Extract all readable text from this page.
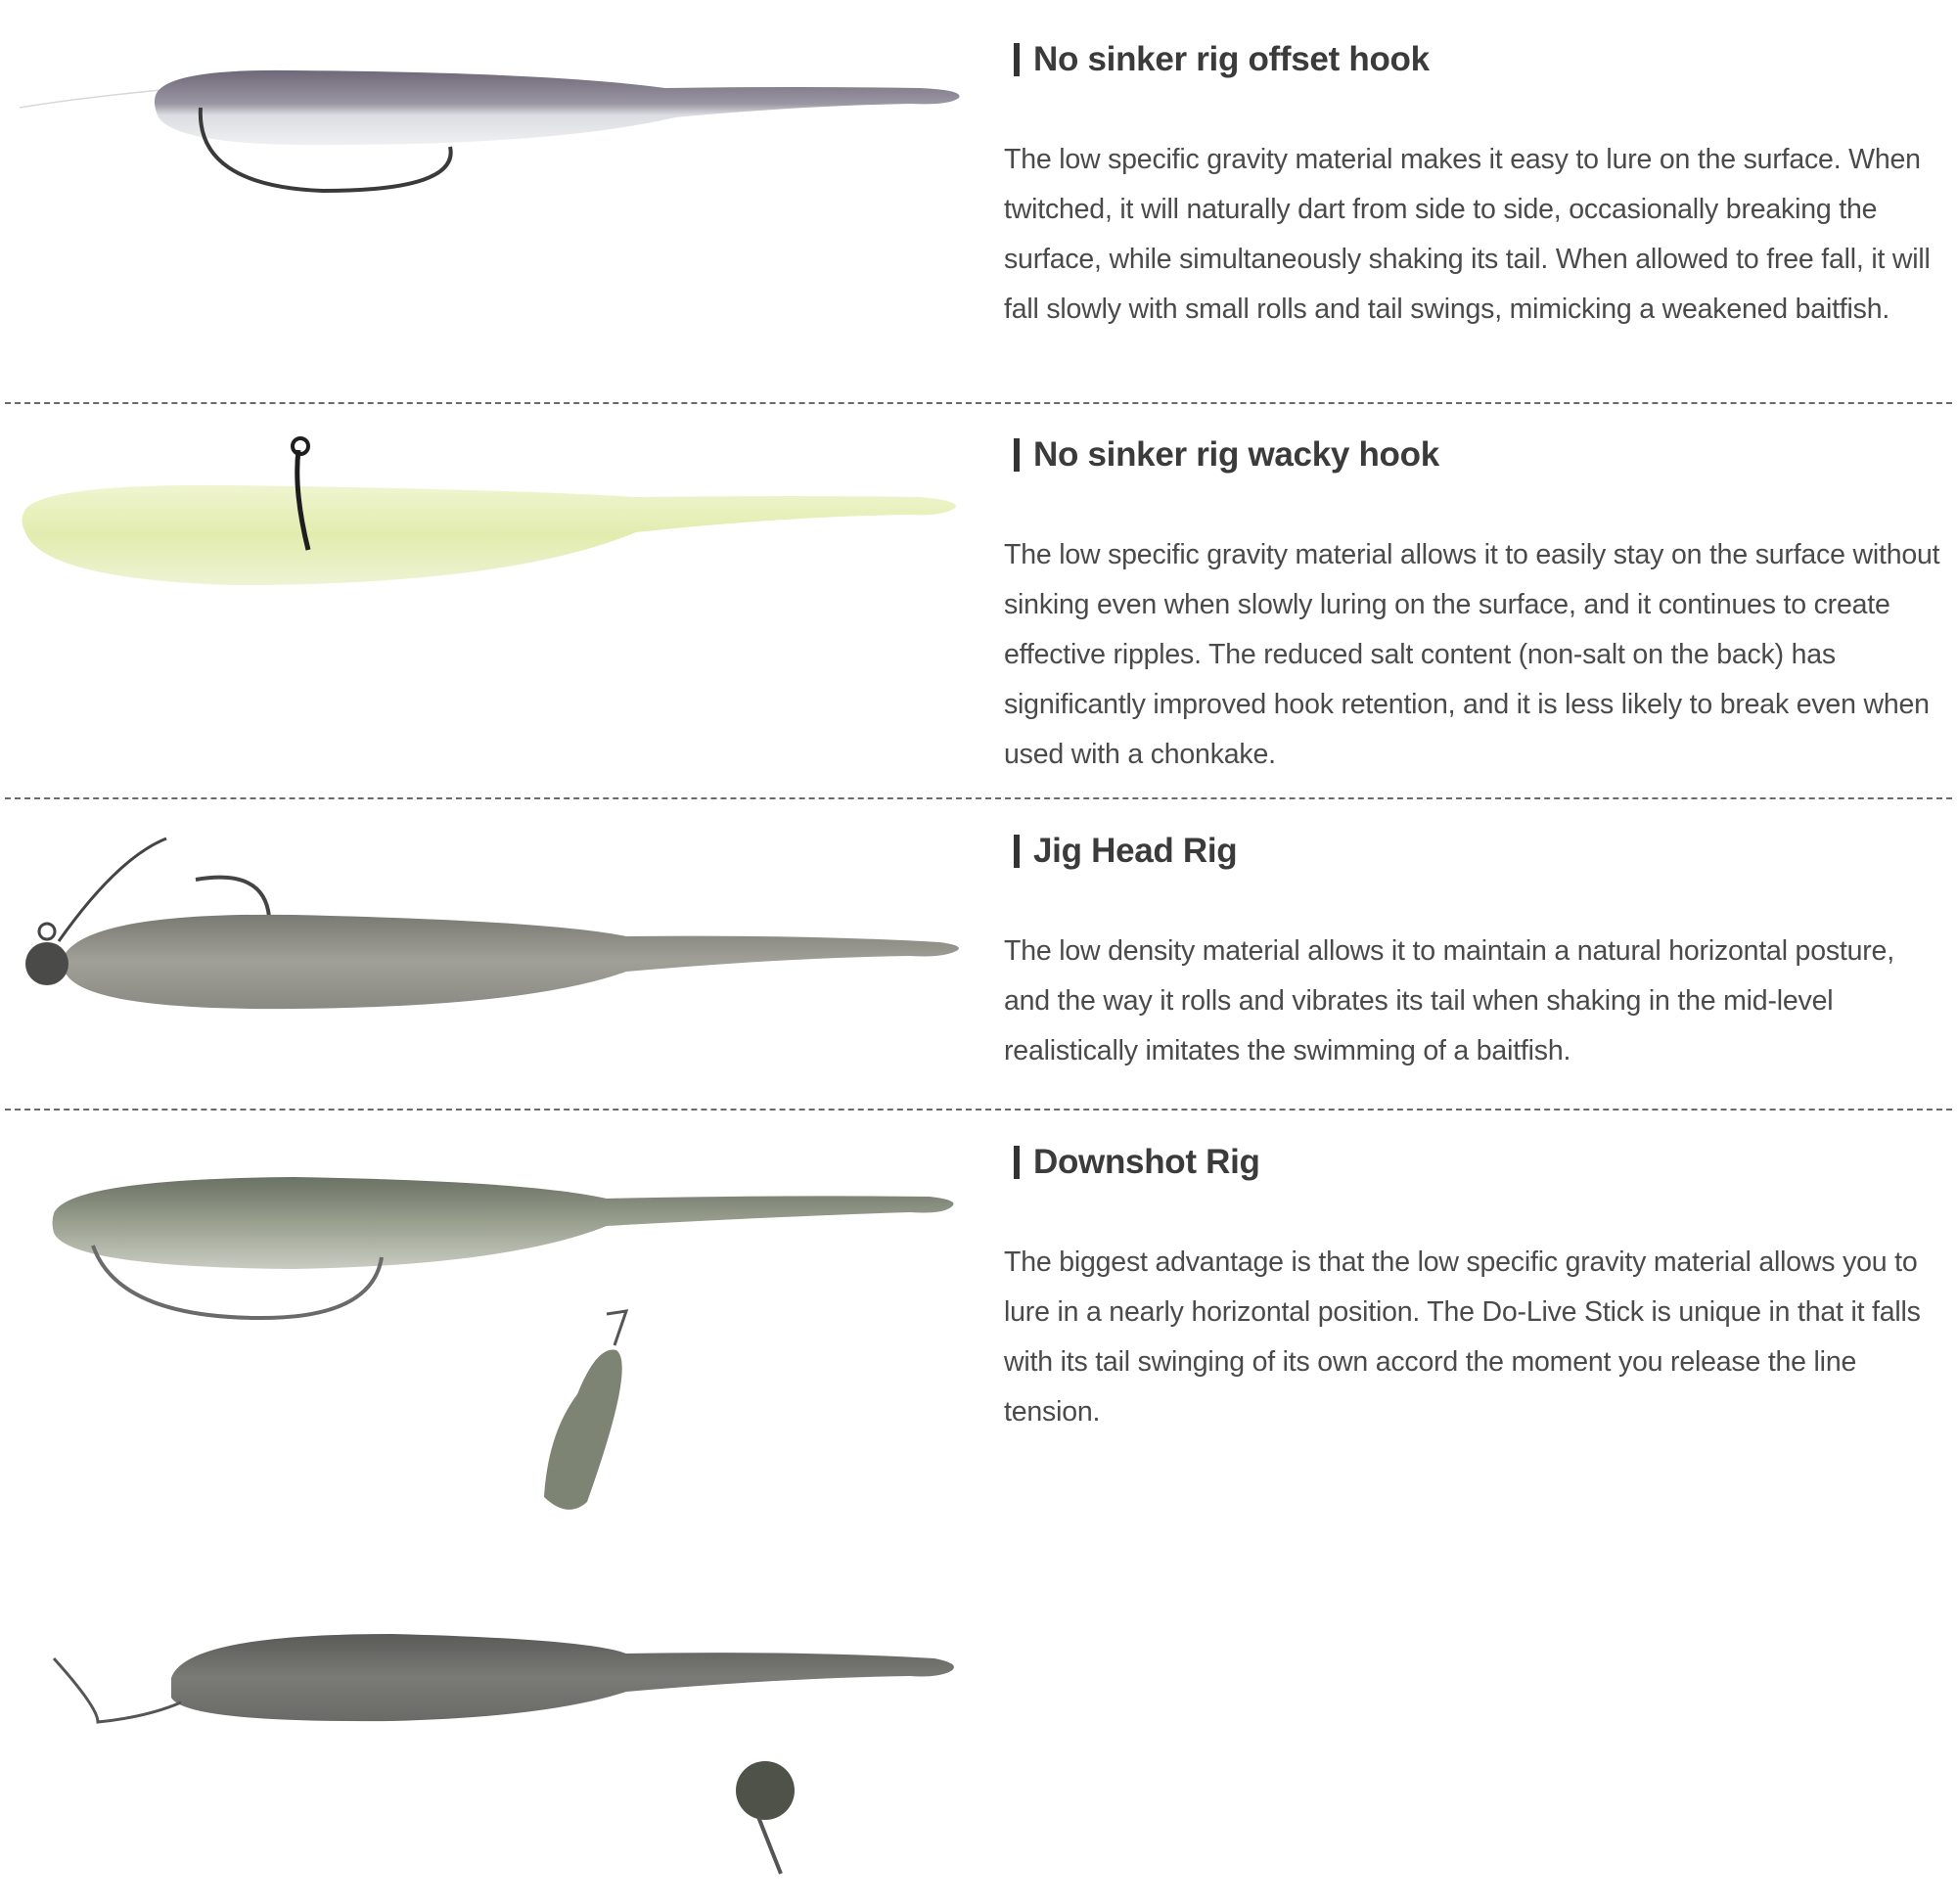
No sinker rig offset hook

The low specific gravity material makes it easy to lure on the surface. When twitched, it will naturally dart from side to side, occasionally breaking the surface, while simultaneously shaking its tail. When allowed to free fall, it will fall slowly with small rolls and tail swings, mimicking a weakened baitfish.

No sinker rig wacky hook

The low specific gravity material allows it to easily stay on the surface without sinking even when slowly luring on the surface, and it continues to create effective ripples. The reduced salt content (non-salt on the back) has significantly improved hook retention, and it is less likely to break even when used with a chonkake.

Jig Head Rig

The low density material allows it to maintain a natural horizontal posture, and the way it rolls and vibrates its tail when shaking in the mid-level realistically imitates the swimming of a baitfish.

Downshot Rig

The biggest advantage is that the low specific gravity material allows you to lure in a nearly horizontal position. The Do-Live Stick is unique in that it falls with its tail swinging of its own accord the moment you release the line tension.
